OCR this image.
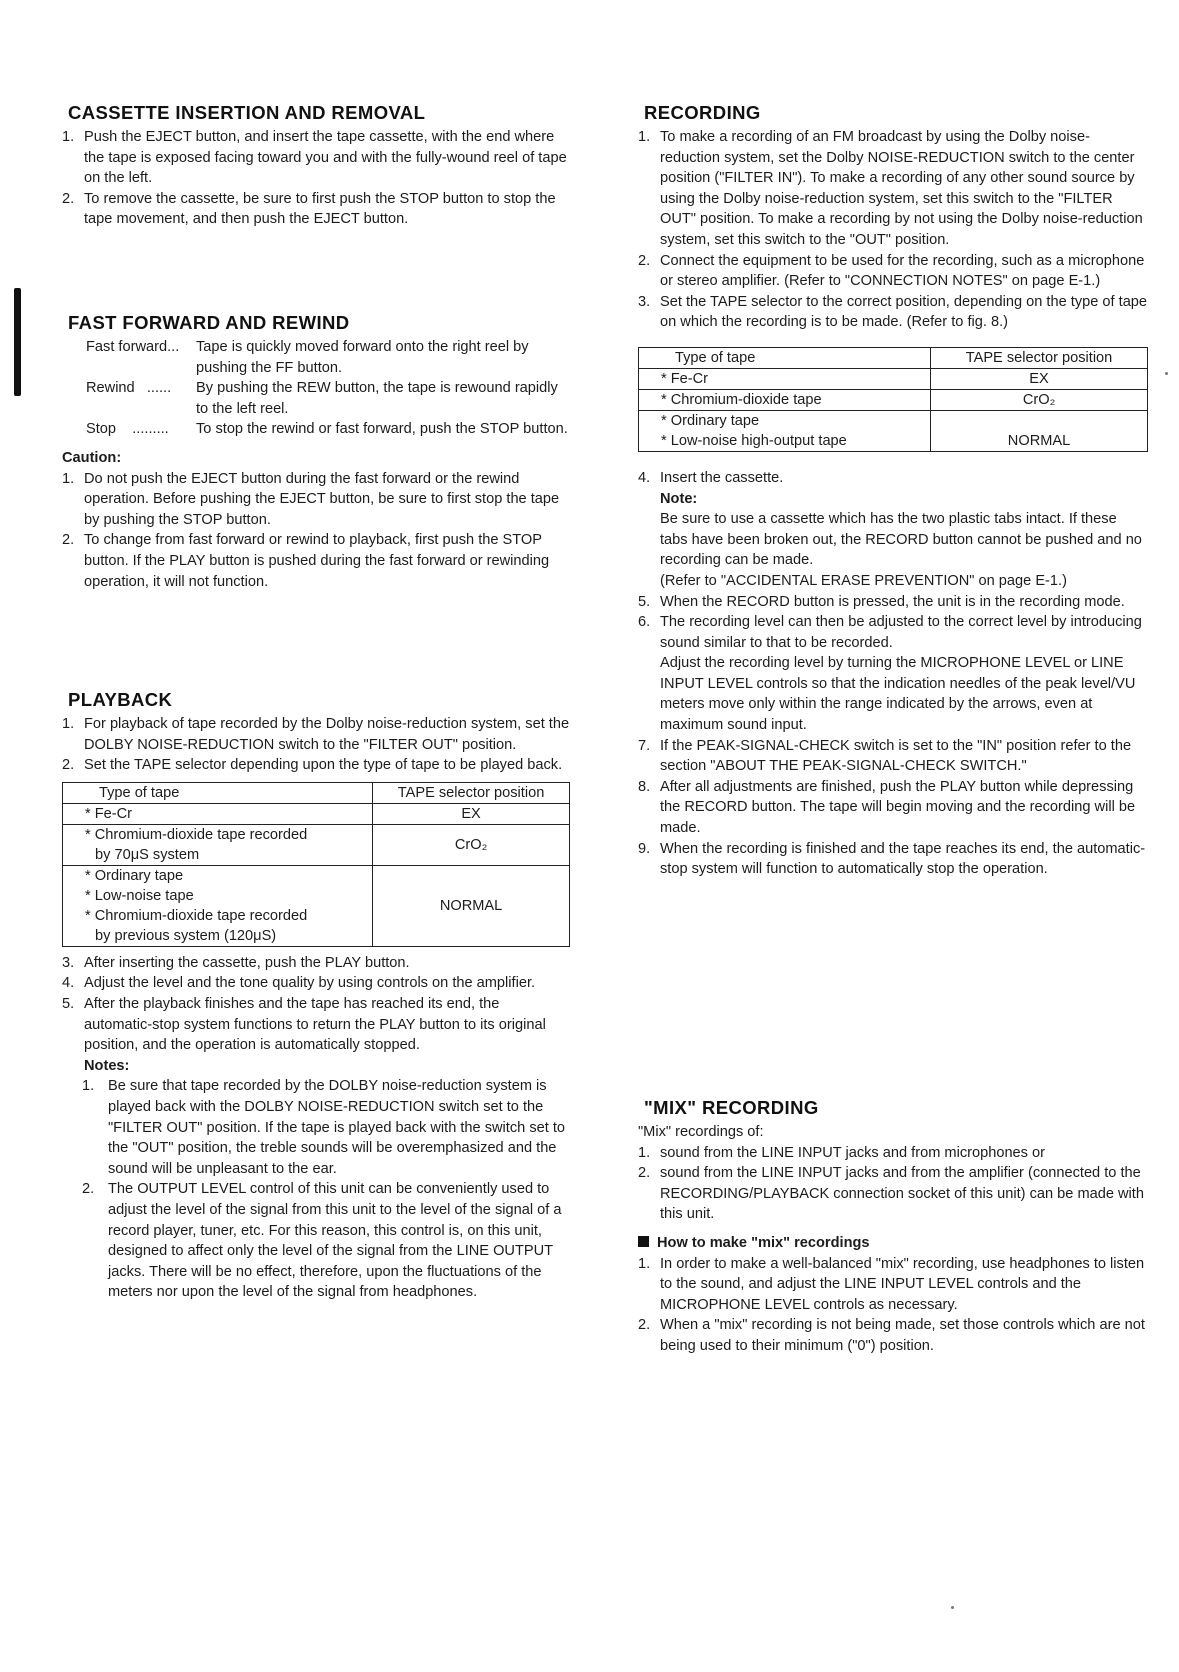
CASSETTE INSERTION AND REMOVAL
1. Push the EJECT button, and insert the tape cassette, with the end where the tape is exposed facing toward you and with the fully-wound reel of tape on the left.
2. To remove the cassette, be sure to first push the STOP button to stop the tape movement, and then push the EJECT button.
FAST FORWARD AND REWIND
Fast forward... Tape is quickly moved forward onto the right reel by pushing the FF button.
Rewind   ...... By pushing the REW button, the tape is rewound rapidly to the left reel.
Stop    ......... To stop the rewind or fast forward, push the STOP button.
Caution:
1. Do not push the EJECT button during the fast forward or the rewind operation. Before pushing the EJECT button, be sure to first stop the tape by pushing the STOP button.
2. To change from fast forward or rewind to playback, first push the STOP button. If the PLAY button is pushed during the fast forward or rewinding operation, it will not function.
PLAYBACK
1. For playback of tape recorded by the Dolby noise-reduction system, set the DOLBY NOISE-REDUCTION switch to the "FILTER OUT" position.
2. Set the TAPE selector depending upon the type of tape to be played back.
Type of tape	TAPE selector position

* Fe-Cr	EX

* Chromium-dioxide tape recorded
by 70μS system	CrO₂

* Ordinary tape
* Low-noise tape
* Chromium-dioxide tape recorded
by previous system (120μS)	NORMAL
3. After inserting the cassette, push the PLAY button.
4. Adjust the level and the tone quality by using controls on the amplifier.
5. After the playback finishes and the tape has reached its end, the automatic-stop system functions to return the PLAY button to its original position, and the operation is automatically stopped.
Notes:
1. Be sure that tape recorded by the DOLBY noise-reduction system is played back with the DOLBY NOISE-REDUCTION switch set to the "FILTER OUT" position. If the tape is played back with the switch set to the "OUT" position, the treble sounds will be overemphasized and the sound will be unpleasant to the ear.
2. The OUTPUT LEVEL control of this unit can be conveniently used to adjust the level of the signal from this unit to the level of the signal of a record player, tuner, etc. For this reason, this control is, on this unit, designed to affect only the level of the signal from the LINE OUTPUT jacks. There will be no effect, therefore, upon the fluctuations of the meters nor upon the level of the signal from headphones.
RECORDING
1. To make a recording of an FM broadcast by using the Dolby noise-reduction system, set the Dolby NOISE-REDUCTION switch to the center position ("FILTER IN"). To make a recording of any other sound source by using the Dolby noise-reduction system, set this switch to the "FILTER OUT" position. To make a recording by not using the Dolby noise-reduction system, set this switch to the "OUT" position.
2. Connect the equipment to be used for the recording, such as a microphone or stereo amplifier. (Refer to "CONNECTION NOTES" on page E-1.)
3. Set the TAPE selector to the correct position, depending on the type of tape on which the recording is to be made. (Refer to fig. 8.)
Type of tape	TAPE selector position

* Fe-Cr	EX

* Chromium-dioxide tape	CrO₂

* Ordinary tape
* Low-noise high-output tape	NORMAL
4. Insert the cassette.
Note:
Be sure to use a cassette which has the two plastic tabs intact. If these tabs have been broken out, the RECORD button cannot be pushed and no recording can be made.
(Refer to "ACCIDENTAL ERASE PREVENTION" on page E-1.)
5. When the RECORD button is pressed, the unit is in the recording mode.
6. The recording level can then be adjusted to the correct level by introducing sound similar to that to be recorded.
Adjust the recording level by turning the MICROPHONE LEVEL or LINE INPUT LEVEL controls so that the indication needles of the peak level/VU meters move only within the range indicated by the arrows, even at maximum sound input.
7. If the PEAK-SIGNAL-CHECK switch is set to the "IN" position refer to the section "ABOUT THE PEAK-SIGNAL-CHECK SWITCH."
8. After all adjustments are finished, push the PLAY button while depressing the RECORD button. The tape will begin moving and the recording will be made.
9. When the recording is finished and the tape reaches its end, the automatic-stop system will function to automatically stop the operation.
"MIX" RECORDING
"Mix" recordings of:
1. sound from the LINE INPUT jacks and from microphones or
2. sound from the LINE INPUT jacks and from the amplifier (connected to the RECORDING/PLAYBACK connection socket of this unit) can be made with this unit.
How to make "mix" recordings
1. In order to make a well-balanced "mix" recording, use headphones to listen to the sound, and adjust the LINE INPUT LEVEL controls and the MICROPHONE LEVEL controls as necessary.
2. When a "mix" recording is not being made, set those controls which are not being used to their minimum ("0") position.
